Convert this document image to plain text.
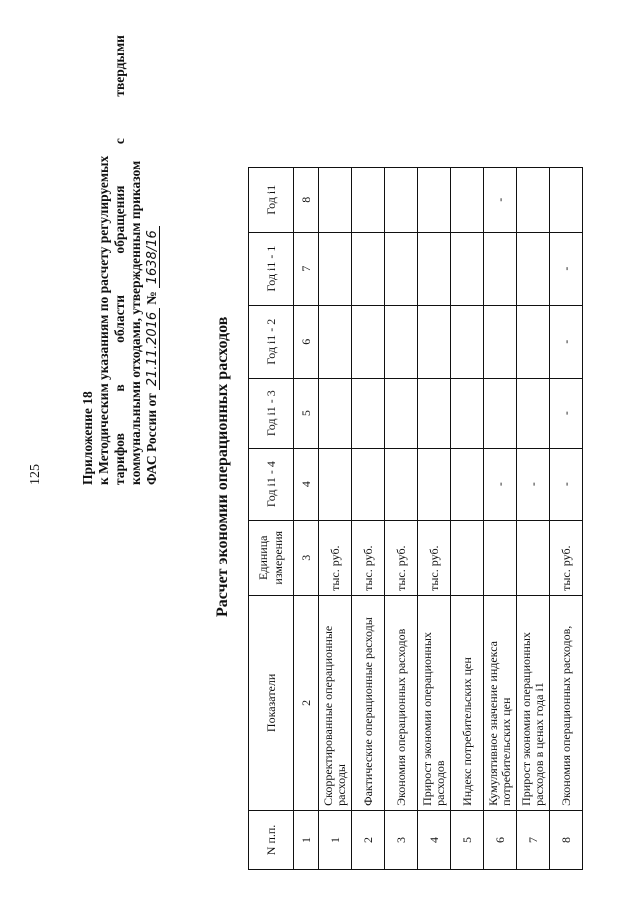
125	Приложение 18 к Методическим указаниям по расчету регулируемых тарифов
в
области
обращения
с
твердыми
коммунальными отходами, утвержденным приказом ФАС России от
21.11.2016
№
1638/16
Расчет экономии операционных расходов
N п.п.	Показатели	Единица измерения	Год i1 - 4	Год i1 - 3	Год i1 - 2	Год i1 - 1	Год i1
1	2	3	4	5	6	7	8
1	Скорректированные операционные расходы	тыс. руб.					
2	Фактические операционные расходы	тыс. руб.					
3	Экономия операционных расходов	тыс. руб.					
4	Прирост экономии операционных расходов	тыс. руб.					
5	Индекс потребительских цен						
6	Кумулятивное значение индекса потребительских цен		-				-
7	Прирост экономии операционных расходов в ценах года i1		-				
8	Экономия операционных расходов,	тыс. руб.	-	-	-	-	
